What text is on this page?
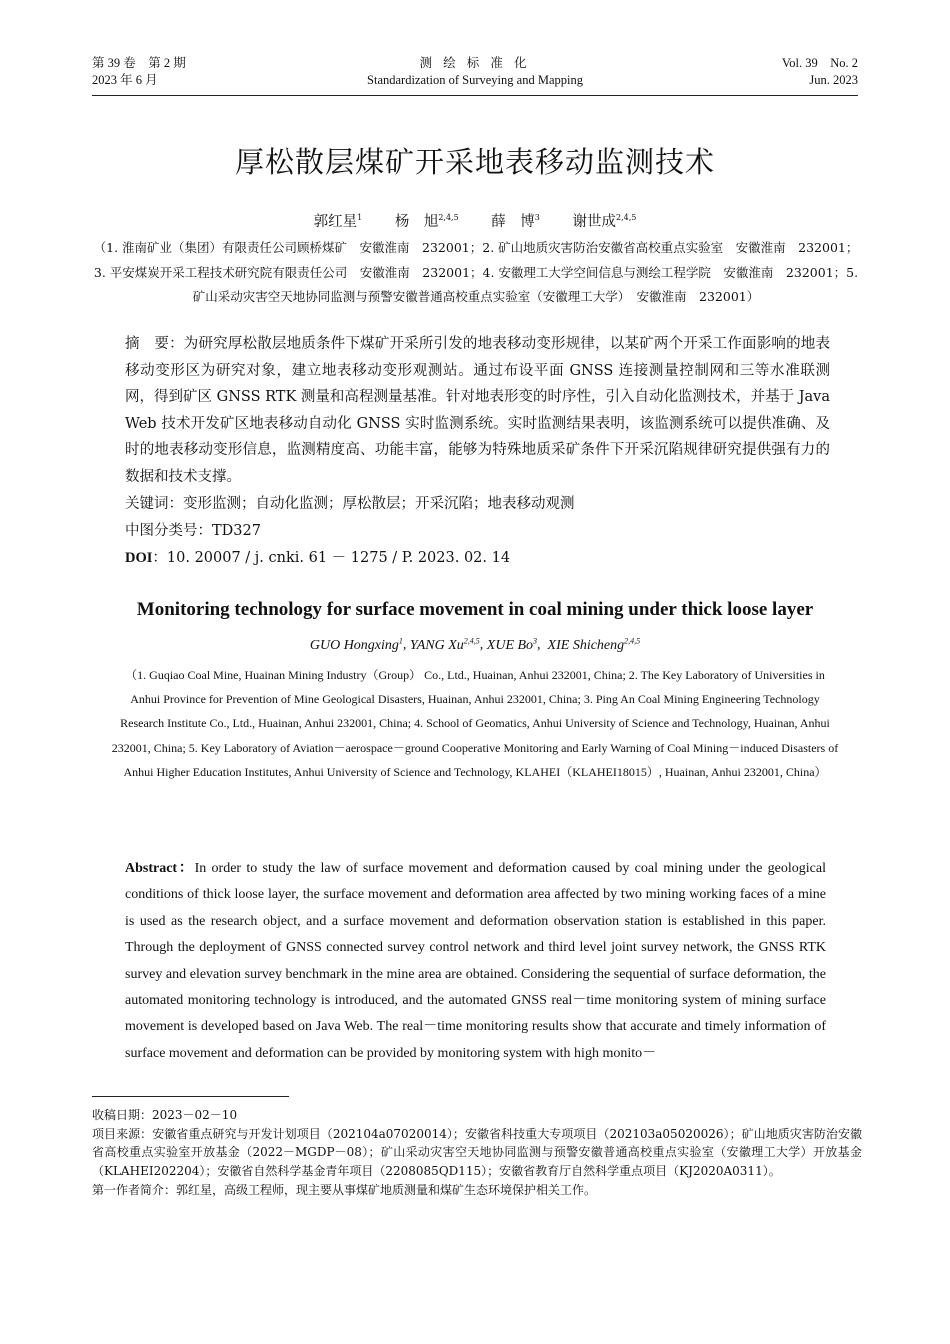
第 39 卷　第 2 期
2023 年 6 月
测 绘 标 准 化
Standardization of Surveying and Mapping
Vol. 39　No. 2
Jun. 2023
厚松散层煤矿开采地表移动监测技术
郭红星$^1$ 杨　旭$^{2,4,5}$ 薛　博$^3$ 谢世成$^{2,4,5}$
（1. 淮南矿业（集团）有限责任公司顾桥煤矿　安徽淮南　232001；2. 矿山地质灾害防治安徽省高校重点实验室　安徽淮南　232001；3. 平安煤炭开采工程技术研究院有限责任公司　安徽淮南　232001；4. 安徽理工大学空间信息与测绘工程学院　安徽淮南　232001；5. 矿山采动灾害空天地协同监测与预警安徽普通高校重点实验室（安徽理工大学）　安徽淮南　232001）
摘　要：为研究厚松散层地质条件下煤矿开采所引发的地表移动变形规律，以某矿两个开采工作面影响的地表移动变形区为研究对象，建立地表移动变形观测站。通过布设平面 GNSS 连接测量控制网和三等水准联测网，得到矿区 GNSS RTK 测量和高程测量基准。针对地表形变的时序性，引入自动化监测技术，并基于 Java Web 技术开发矿区地表移动自动化 GNSS 实时监测系统。实时监测结果表明，该监测系统可以提供准确、及时的地表移动变形信息，监测精度高、功能丰富，能够为特殊地质采矿条件下开采沉陷规律研究提供强有力的数据和技术支撑。
关键词：变形监测；自动化监测；厚松散层；开采沉陷；地表移动观测
中图分类号：TD327
DOI：10. 20007 / j. cnki. 61 － 1275 / P. 2023. 02. 14
Monitoring technology for surface movement in coal mining under thick loose layer
GUO Hongxing$^1$, YANG Xu$^{2,4,5}$, XUE Bo$^3$,  XIE Shicheng$^{2,4,5}$
（1. Guqiao Coal Mine, Huainan Mining Industry（Group） Co., Ltd., Huainan, Anhui 232001, China; 2. The Key Laboratory of Universities in Anhui Province for Prevention of Mine Geological Disasters, Huainan, Anhui 232001, China; 3. Ping An Coal Mining Engineering Technology Research Institute Co., Ltd., Huainan, Anhui 232001, China; 4. School of Geomatics, Anhui University of Science and Technology, Huainan, Anhui 232001, China; 5. Key Laboratory of Aviation－aerospace－ground Cooperative Monitoring and Early Warning of Coal Mining－induced Disasters of Anhui Higher Education Institutes, Anhui University of Science and Technology, KLAHEI（KLAHEI18015）, Huainan, Anhui 232001, China）
Abstract：In order to study the law of surface movement and deformation caused by coal mining under the geological conditions of thick loose layer, the surface movement and deformation area affected by two mining working faces of a mine is used as the research object, and a surface movement and deformation observation station is established in this paper. Through the deployment of GNSS connected survey control network and third level joint survey network, the GNSS RTK survey and elevation survey benchmark in the mine area are obtained. Considering the sequential of surface deformation, the automated monitoring technology is introduced, and the automated GNSS real－time monitoring system of mining surface movement is developed based on Java Web. The real－time monitoring results show that accurate and timely information of surface movement and deformation can be provided by monitoring system with high monito－
收稿日期：2023－02－10
项目来源：安徽省重点研究与开发计划项目（202104a07020014）；安徽省科技重大专项项目（202103a05020026）；矿山地质灾害防治安徽省高校重点实验室开放基金（2022－MGDP－08）；矿山采动灾害空天地协同监测与预警安徽普通高校重点实验室（安徽理工大学）开放基金（KLAHEI202204）；安徽省自然科学基金青年项目（2208085QD115）；安徽省教育厅自然科学重点项目（KJ2020A0311）。
第一作者简介：郭红星，高级工程师，现主要从事煤矿地质测量和煤矿生态环境保护相关工作。
